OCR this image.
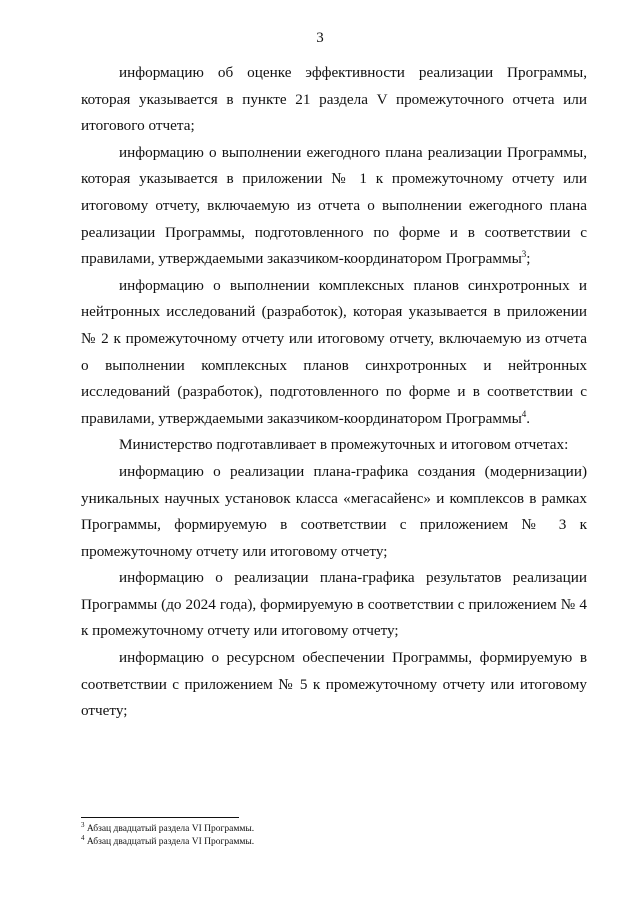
3

информацию об оценке эффективности реализации Программы, которая указывается в пункте 21 раздела V промежуточного отчета или итогового отчета;

информацию о выполнении ежегодного плана реализации Программы, которая указывается в приложении № 1 к промежуточному отчету или итоговому отчету, включаемую из отчета о выполнении ежегодного плана реализации Программы, подготовленного по форме и в соответствии с правилами, утверждаемыми заказчиком-координатором Программы$^3$;

информацию о выполнении комплексных планов синхротронных и нейтронных исследований (разработок), которая указывается в приложении № 2 к промежуточному отчету или итоговому отчету, включаемую из отчета о выполнении комплексных планов синхротронных и нейтронных исследований (разработок), подготовленного по форме и в соответствии с правилами, утверждаемыми заказчиком-координатором Программы$^4$.

Министерство подготавливает в промежуточных и итоговом отчетах:

информацию о реализации плана-графика создания (модернизации) уникальных научных установок класса «мегасайенс» и комплексов в рамках Программы, формируемую в соответствии с приложением № 3 к промежуточному отчету или итоговому отчету;

информацию о реализации плана-графика результатов реализации Программы (до 2024 года), формируемую в соответствии с приложением № 4 к промежуточному отчету или итоговому отчету;

информацию о ресурсном обеспечении Программы, формируемую в соответствии с приложением № 5 к промежуточному отчету или итоговому отчету;

$^3$ Абзац двадцатый раздела VI Программы.
$^4$ Абзац двадцатый раздела VI Программы.
